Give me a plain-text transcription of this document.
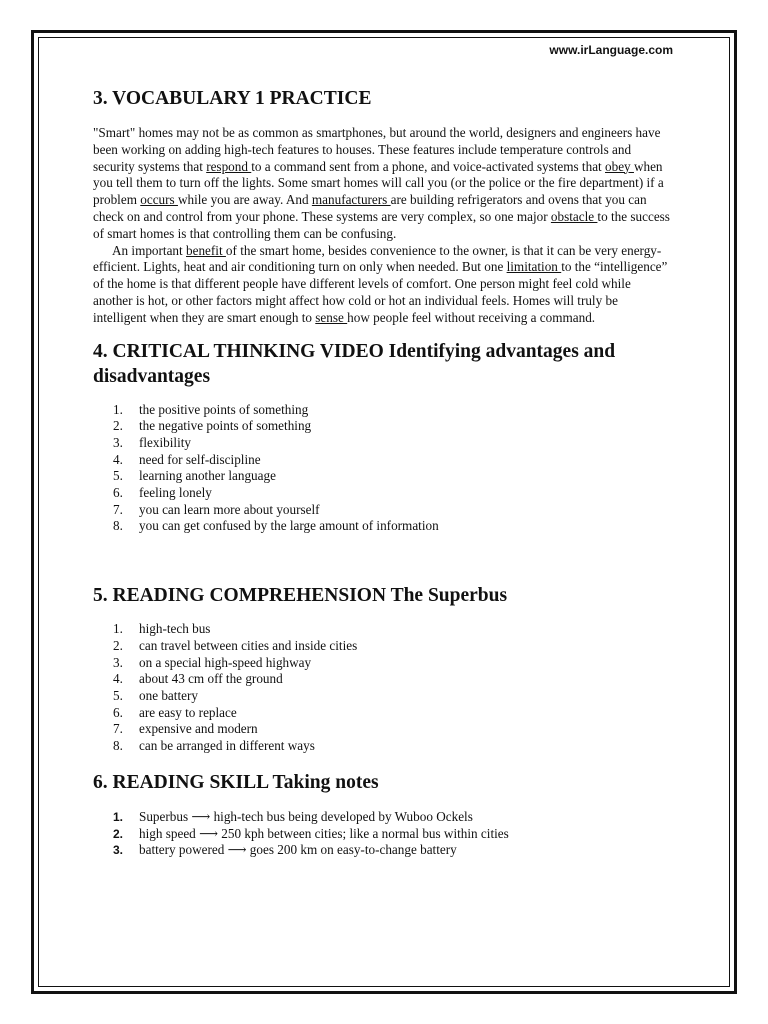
www.irLanguage.com
3. VOCABULARY 1 PRACTICE

"Smart" homes may not be as common as smartphones, but around the world, designers and engineers have been working on adding high-tech features to houses. These features include temperature controls and security systems that respond to a command sent from a phone, and voice-activated systems that obey when you tell them to turn off the lights. Some smart homes will call you (or the police or the fire department) if a problem occurs while you are away. And manufacturers are building refrigerators and ovens that you can check on and control from your phone. These systems are very complex, so one major obstacle to the success of smart homes is that controlling them can be confusing.

An important benefit of the smart home, besides convenience to the owner, is that it can be very energy-efficient. Lights, heat and air conditioning turn on only when needed. But one limitation to the “intelligence” of the home is that different people have different levels of comfort. One person might feel cold while another is hot, or other factors might affect how cold or hot an individual feels. Homes will truly be intelligent when they are smart enough to sense how people feel without receiving a command.

4. CRITICAL THINKING VIDEO Identifying advantages and disadvantages
1.	the positive points of something
2.	the negative points of something
3.	flexibility
4.	need for self-discipline
5.	learning another language
6.	feeling lonely
7.	you can learn more about yourself
8.	you can get confused by the large amount of information
5. READING COMPREHENSION The Superbus
1.	high-tech bus
2.	can travel between cities and inside cities
3.	on a special high-speed highway
4.	about 43 cm off the ground
5.	one battery
6.	are easy to replace
7.	expensive and modern
8.	can be arranged in different ways
6. READING SKILL Taking notes
1.	Superbus ⟶ high-tech bus being developed by Wuboo Ockels
2.	high speed ⟶ 250 kph between cities; like a normal bus within cities
3.	battery powered ⟶ goes 200 km on easy-to-change battery
